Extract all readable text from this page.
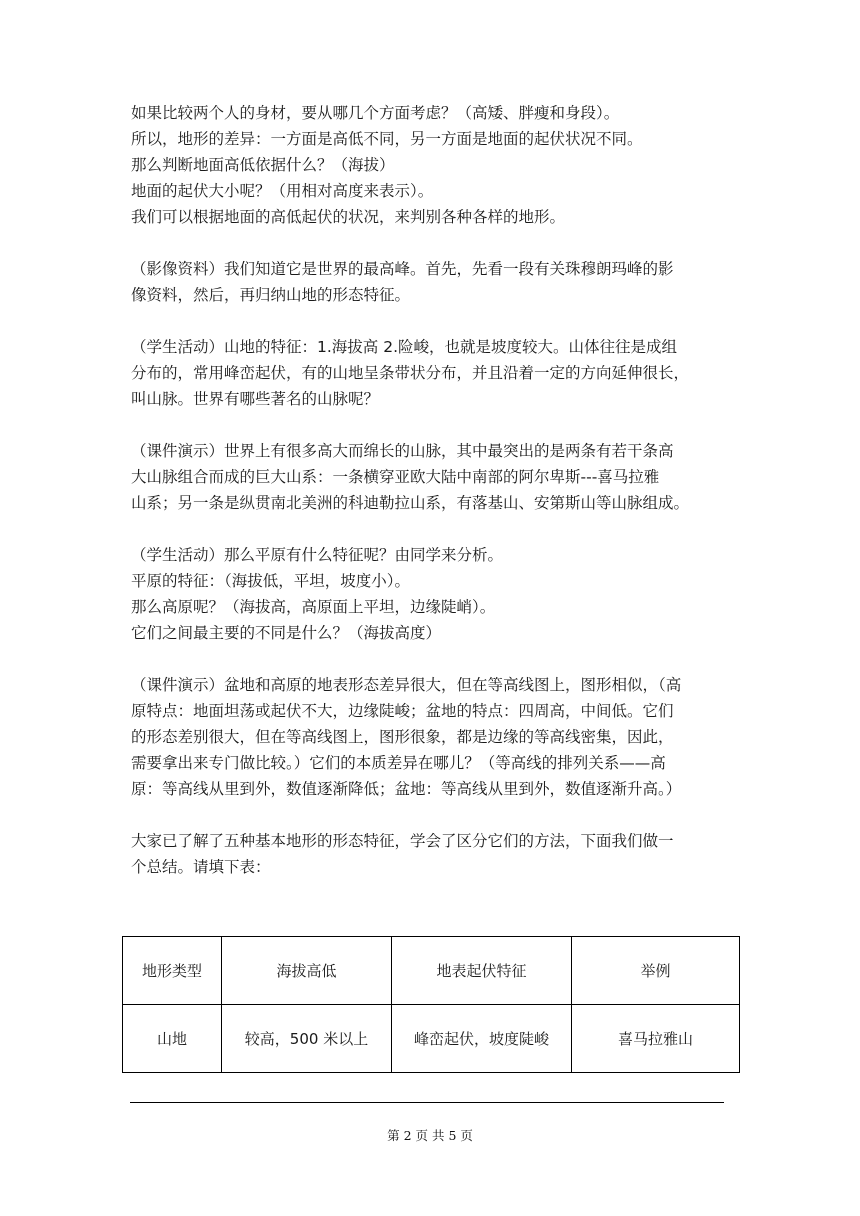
如果比较两个人的身材，要从哪几个方面考虑？（高矮、胖瘦和身段）。
所以，地形的差异：一方面是高低不同，另一方面是地面的起伏状况不同。
那么判断地面高低依据什么？（海拔）
地面的起伏大小呢？（用相对高度来表示）。
我们可以根据地面的高低起伏的状况，来判别各种各样的地形。

（影像资料）我们知道它是世界的最高峰。首先，先看一段有关珠穆朗玛峰的影
像资料，然后，再归纳山地的形态特征。

（学生活动）山地的特征：1.海拔高 2.险峻，也就是坡度较大。山体往往是成组
分布的，常用峰峦起伏，有的山地呈条带状分布，并且沿着一定的方向延伸很长，
叫山脉。世界有哪些著名的山脉呢？

（课件演示）世界上有很多高大而绵长的山脉，其中最突出的是两条有若干条高
大山脉组合而成的巨大山系：一条横穿亚欧大陆中南部的阿尔卑斯---喜马拉雅
山系；另一条是纵贯南北美洲的科迪勒拉山系，有落基山、安第斯山等山脉组成。

（学生活动）那么平原有什么特征呢？由同学来分析。
平原的特征：（海拔低，平坦，坡度小）。
那么高原呢？（海拔高，高原面上平坦，边缘陡峭）。
它们之间最主要的不同是什么？（海拔高度）

（课件演示）盆地和高原的地表形态差异很大，但在等高线图上，图形相似，（高
原特点：地面坦荡或起伏不大，边缘陡峻；盆地的特点：四周高，中间低。它们
的形态差别很大，但在等高线图上，图形很象，都是边缘的等高线密集，因此，
需要拿出来专门做比较。）它们的本质差异在哪儿？（等高线的排列关系——高
原：等高线从里到外，数值逐渐降低；盆地：等高线从里到外，数值逐渐升高。）

大家已了解了五种基本地形的形态特征，学会了区分它们的方法，下面我们做一
个总结。请填下表：

地形类型	海拔高低	地表起伏特征	举例
山地	较高，500 米以上	峰峦起伏，坡度陡峻	喜马拉雅山
第 2 页 共 5 页
